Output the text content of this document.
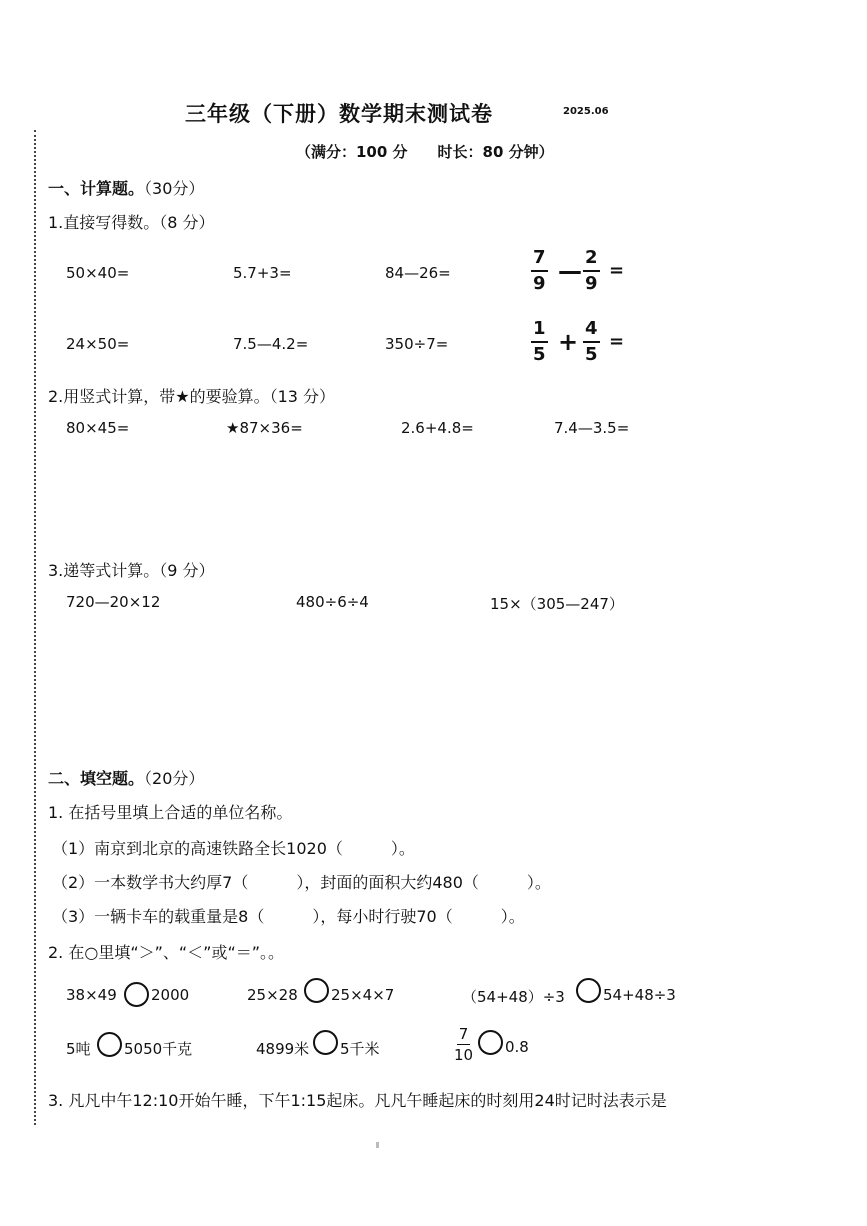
三年级（下册）数学期末测试卷	2025.06
（满分：100 分　　时长：80 分钟）
一、计算题。（30分）
1.直接写得数。（8 分）
50×40=	5.7+3=	84—26=	$\frac{7}{9}$ — $\frac{2}{9}$ =
24×50=	7.5—4.2=	350÷7=	$\frac{1}{5} + \frac{4}{5}$ =
2.用竖式计算，带★的要验算。（13 分）
80×45=	★87×36=	2.6+4.8=	7.4—3.5=
3.递等式计算。（9 分）
720—20×12	480÷6÷4	15×（305—247）
二、填空题。（20分）
1. 在括号里填上合适的单位名称。
（1）南京到北京的高速铁路全长1020（　　　）。
（2）一本数学书大约厚7（　　　），封面的面积大约480（　　　）。
（3）一辆卡车的载重量是8（　　　），每小时行驶70（　　　）。
2. 在○里填“＞”、“＜”或“＝”。。
38×49 2000	25×28 25×4×7	（54+48）÷3	54+48÷3
5吨 5050千克	4899米 5千米	$\frac{7}{10} 0.8$
3. 凡凡中午12:10开始午睡，下午1:15起床。凡凡午睡起床的时刻用24时记时法表示是
